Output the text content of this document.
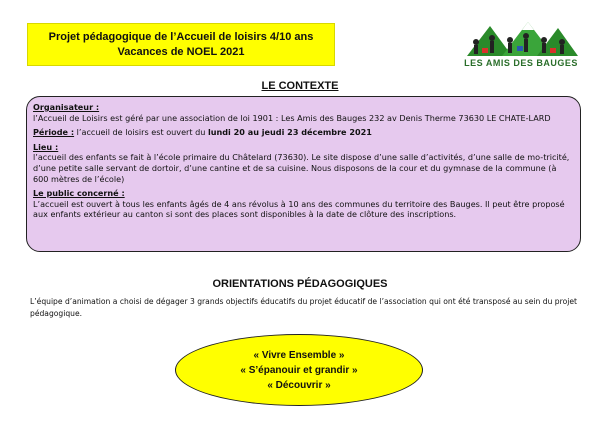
Projet pédagogique de l’Accueil de loisirs 4/10 ans
Vacances de NOEL 2021
LES AMIS DES BAUGES
LE CONTEXTE

Organisateur :

l’Accueil de Loisirs est géré par une association de loi 1901 : Les Amis des Bauges 232 av Denis Therme 73630 LE CHATE-LARD

Période : l’accueil de loisirs est ouvert du lundi 20 au jeudi 23 décembre 2021

Lieu :

l’accueil des enfants se fait à l’école primaire du Châtelard (73630). Le site dispose d’une salle d’activités, d’une salle de mo-tricité, d’une petite salle servant de dortoir, d’une cantine et de sa cuisine. Nous disposons de la cour et du gymnase de la commune (à 600 mètres de l’école)

Le public concerné :

L’accueil est ouvert à tous les enfants âgés de 4 ans révolus à 10 ans des communes du territoire des Bauges. Il peut être proposé aux enfants extérieur au canton si sont des places sont disponibles à la date de clôture des inscriptions.

ORIENTATIONS PÉDAGOGIQUES
L’équipe d’animation a choisi de dégager 3 grands objectifs éducatifs du projet éducatif de l’association qui ont été transposé au sein du projet pédagogique.
« Vivre Ensemble »
« S’épanouir et grandir »
« Découvrir »
